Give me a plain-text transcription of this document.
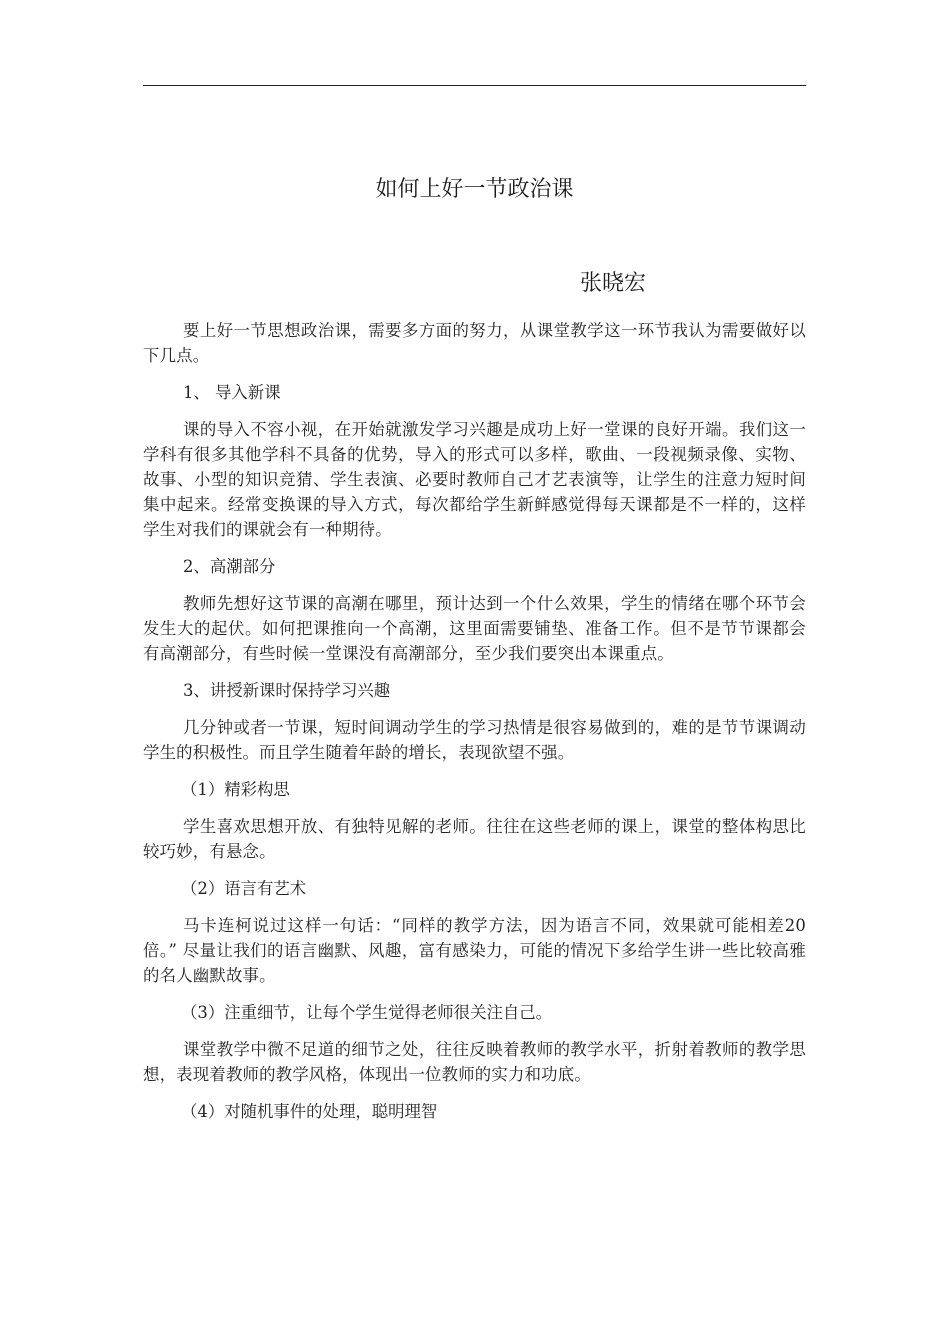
如何上好一节政治课
张晓宏

要上好一节思想政治课，需要多方面的努力，从课堂教学这一环节我认为需要做好以下几点。

1、 导入新课

课的导入不容小视，在开始就激发学习兴趣是成功上好一堂课的良好开端。我们这一学科有很多其他学科不具备的优势，导入的形式可以多样，歌曲、一段视频录像、实物、故事、小型的知识竞猜、学生表演、必要时教师自己才艺表演等，让学生的注意力短时间集中起来。经常变换课的导入方式，每次都给学生新鲜感觉得每天课都是不一样的，这样学生对我们的课就会有一种期待。

2、高潮部分

教师先想好这节课的高潮在哪里，预计达到一个什么效果，学生的情绪在哪个环节会发生大的起伏。如何把课推向一个高潮，这里面需要铺垫、准备工作。但不是节节课都会有高潮部分，有些时候一堂课没有高潮部分，至少我们要突出本课重点。

3、讲授新课时保持学习兴趣

几分钟或者一节课，短时间调动学生的学习热情是很容易做到的，难的是节节课调动学生的积极性。而且学生随着年龄的增长，表现欲望不强。

（1）精彩构思

学生喜欢思想开放、有独特见解的老师。往往在这些老师的课上，课堂的整体构思比较巧妙，有悬念。

（2）语言有艺术

马卡连柯说过这样一句话：“同样的教学方法，因为语言不同，效果就可能相差20倍。” 尽量让我们的语言幽默、风趣，富有感染力，可能的情况下多给学生讲一些比较高雅的名人幽默故事。

（3）注重细节，让每个学生觉得老师很关注自己。

课堂教学中微不足道的细节之处，往往反映着教师的教学水平，折射着教师的教学思想，表现着教师的教学风格，体现出一位教师的实力和功底。

（4）对随机事件的处理，聪明理智
